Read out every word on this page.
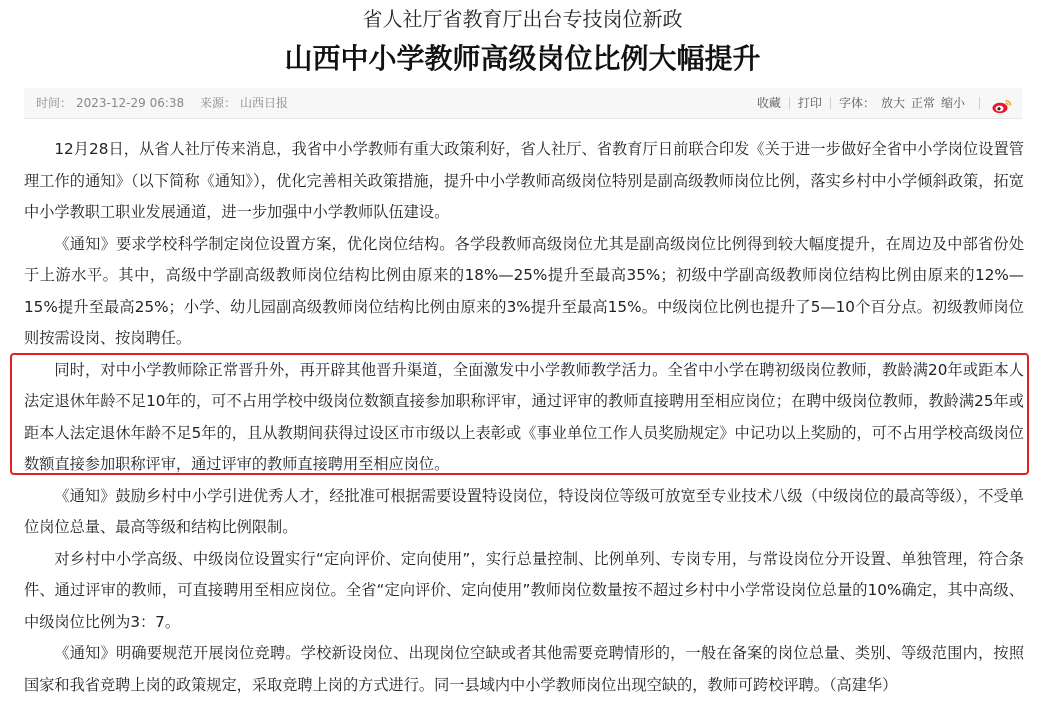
省人社厅省教育厅出台专技岗位新政
山西中小学教师高级岗位比例大幅提升
时间： 2023-12-29 06:38 来源： 山西日报	收藏 打印 字体： 放大 正常 缩小

12月28日，从省人社厅传来消息，我省中小学教师有重大政策利好，省人社厅、省教育厅日前联合印发《关于进一步做好全省中小学岗位设置管理工作的通知》（以下简称《通知》），优化完善相关政策措施，提升中小学教师高级岗位特别是副高级教师岗位比例，落实乡村中小学倾斜政策，拓宽中小学教职工职业发展通道，进一步加强中小学教师队伍建设。

《通知》要求学校科学制定岗位设置方案，优化岗位结构。各学段教师高级岗位尤其是副高级岗位比例得到较大幅度提升，在周边及中部省份处于上游水平。其中，高级中学副高级教师岗位结构比例由原来的18%—25%提升至最高35%；初级中学副高级教师岗位结构比例由原来的12%—15%提升至最高25%；小学、幼儿园副高级教师岗位结构比例由原来的3%提升至最高15%。中级岗位比例也提升了5—10个百分点。初级教师岗位则按需设岗、按岗聘任。

同时，对中小学教师除正常晋升外，再开辟其他晋升渠道，全面激发中小学教师教学活力。全省中小学在聘初级岗位教师，教龄满20年或距本人法定退休年龄不足10年的，可不占用学校中级岗位数额直接参加职称评审，通过评审的教师直接聘用至相应岗位；在聘中级岗位教师，教龄满25年或距本人法定退休年龄不足5年的，且从教期间获得过设区市市级以上表彰或《事业单位工作人员奖励规定》中记功以上奖励的，可不占用学校高级岗位数额直接参加职称评审，通过评审的教师直接聘用至相应岗位。

《通知》鼓励乡村中小学引进优秀人才，经批准可根据需要设置特设岗位，特设岗位等级可放宽至专业技术八级（中级岗位的最高等级），不受单位岗位总量、最高等级和结构比例限制。

对乡村中小学高级、中级岗位设置实行“定向评价、定向使用”，实行总量控制、比例单列、专岗专用，与常设岗位分开设置、单独管理，符合条件、通过评审的教师，可直接聘用至相应岗位。全省“定向评价、定向使用”教师岗位数量按不超过乡村中小学常设岗位总量的10%确定，其中高级、中级岗位比例为3：7。

《通知》明确要规范开展岗位竞聘。学校新设岗位、出现岗位空缺或者其他需要竞聘情形的，一般在备案的岗位总量、类别、等级范围内，按照国家和我省竞聘上岗的政策规定，采取竞聘上岗的方式进行。同一县域内中小学教师岗位出现空缺的，教师可跨校评聘。（高建华）
